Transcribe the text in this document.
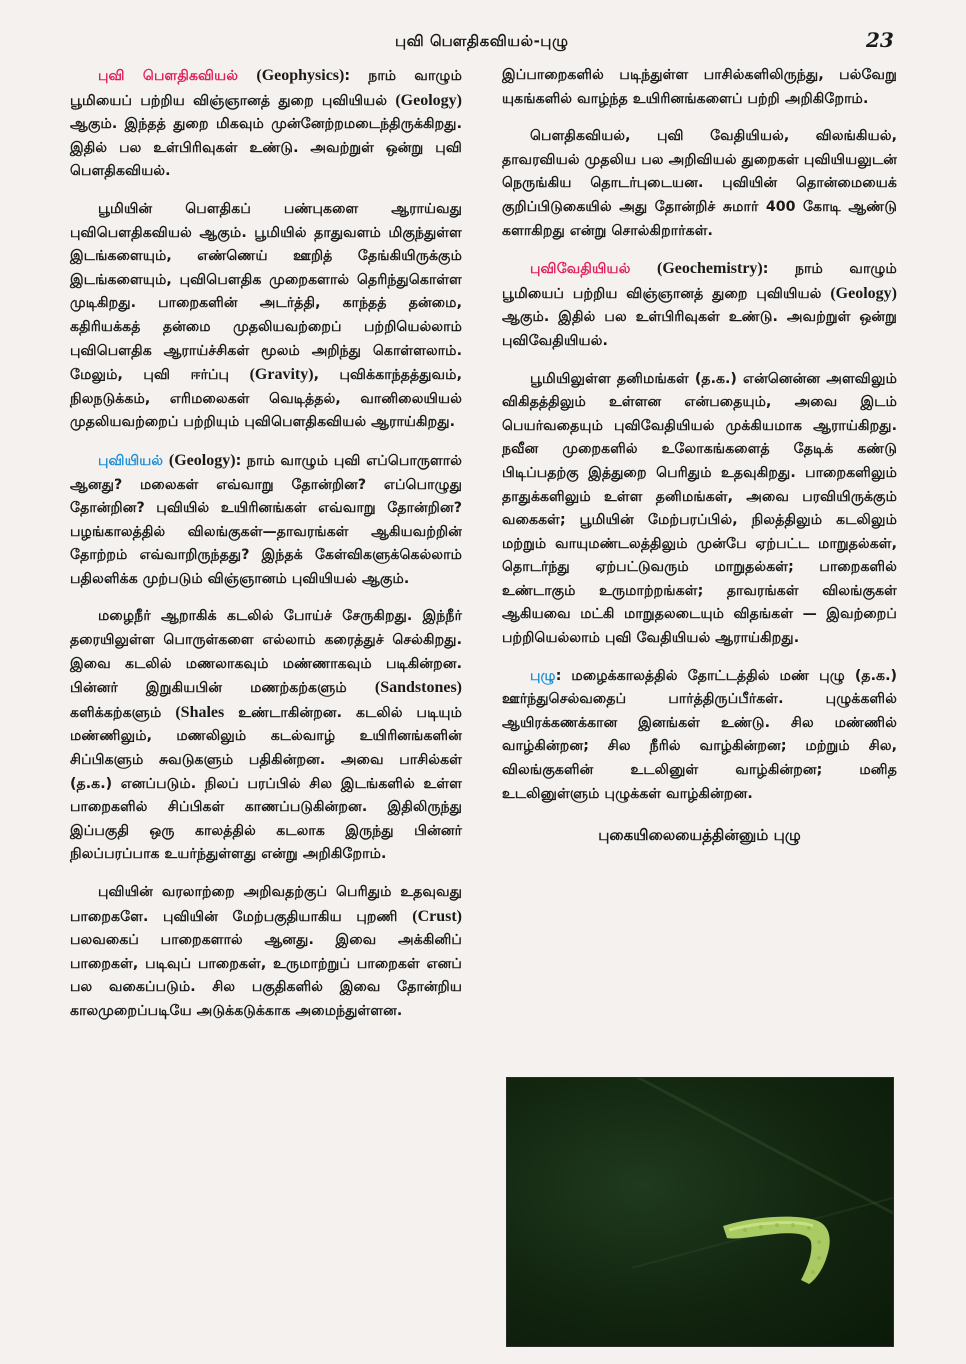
புவி பௌதிகவியல்-புழு	23

புவி பௌதிகவியல் (Geophysics): நாம் வாழும் பூமியைப் பற்றிய விஞ்ஞானத் துறை புவியியல் (Geology) ஆகும். இந்தத் துறை மிகவும் முன்னேற்றமடைந்திருக்கிறது. இதில் பல உள்பிரிவுகள் உண்டு. அவற்றுள் ஒன்று புவி பௌதிகவியல்.

பூமியின் பௌதிகப் பண்புகளை ஆராய்வது புவிபௌதிகவியல் ஆகும். பூமியில் தாதுவளம் மிகுந்துள்ள இடங்களையும், எண்ணெய் ஊறித் தேங்கியிருக்கும் இடங்களையும், புவிபௌதிக முறைகளால் தெரிந்துகொள்ள முடிகிறது. பாறைகளின் அடர்த்தி, காந்தத் தன்மை, கதிரியக்கத் தன்மை முதலியவற்றைப் பற்றியெல்லாம் புவிபௌதிக ஆராய்ச்சிகள் மூலம் அறிந்து கொள்ளலாம். மேலும், புவி ஈர்ப்பு (Gravity), புவிக்காந்தத்துவம், நிலநடுக்கம், எரிமலைகள் வெடித்தல், வானிலையியல் முதலியவற்றைப் பற்றியும் புவிபௌதிகவியல் ஆராய்கிறது.

புவியியல் (Geology): நாம் வாழும் புவி எப்பொருளால் ஆனது? மலைகள் எவ்வாறு தோன்றின? எப்பொழுது தோன்றின? புவியில் உயிரினங்கள் எவ்வாறு தோன்றின? பழங்காலத்தில் விலங்குகள்—தாவரங்கள் ஆகியவற்றின் தோற்றம் எவ்வாறிருந்தது? இந்தக் கேள்விகளுக்கெல்லாம் பதிலளிக்க முற்படும் விஞ்ஞானம் புவியியல் ஆகும்.

மழைநீர் ஆறாகிக் கடலில் போய்ச் சேருகிறது. இந்நீர் தரையிலுள்ள பொருள்களை எல்லாம் கரைத்துச் செல்கிறது. இவை கடலில் மணலாகவும் மண்ணாகவும் படிகின்றன. பின்னர் இறுகியபின் மணற்கற்களும் (Sandstones) களிக்கற்களும் (Shales உண்டாகின்றன. கடலில் படியும் மண்ணிலும், மணலிலும் கடல்வாழ் உயிரினங்களின் சிப்பிகளும் சுவடுகளும் பதிகின்றன. அவை பாசில்கள் (த.க.) எனப்படும். நிலப் பரப்பில் சில இடங்களில் உள்ள பாறைகளில் சிப்பிகள் காணப்படுகின்றன. இதிலிருந்து இப்பகுதி ஒரு காலத்தில் கடலாக இருந்து பின்னர் நிலப்பரப்பாக உயர்ந்துள்ளது என்று அறிகிறோம்.

புவியின் வரலாற்றை அறிவதற்குப் பெரிதும் உதவுவது பாறைகளே. புவியின் மேற்பகுதியாகிய புறணி (Crust) பலவகைப் பாறைகளால் ஆனது. இவை அக்கினிப் பாறைகள், படிவுப் பாறைகள், உருமாற்றுப் பாறைகள் எனப் பல வகைப்படும். சில பகுதிகளில் இவை தோன்றிய காலமுறைப்படியே அடுக்கடுக்காக அமைந்துள்ளன.

இப்பாறைகளில் படிந்துள்ள பாசில்களிலிருந்து, பல்வேறு யுகங்களில் வாழ்ந்த உயிரினங்களைப் பற்றி அறிகிறோம்.

பௌதிகவியல், புவி வேதியியல், விலங்கியல், தாவரவியல் முதலிய பல அறிவியல் துறைகள் புவியியலுடன் நெருங்கிய தொடர்புடையன. புவியின் தொன்மையைக் குறிப்பிடுகையில் அது தோன்றிச் சுமார் 400 கோடி ஆண்டு களாகிறது என்று சொல்கிறார்கள்.

புவிவேதியியல் (Geochemistry): நாம் வாழும் பூமியைப் பற்றிய விஞ்ஞானத் துறை புவியியல் (Geology) ஆகும். இதில் பல உள்பிரிவுகள் உண்டு. அவற்றுள் ஒன்று புவிவேதியியல்.

பூமியிலுள்ள தனிமங்கள் (த.க.) என்னென்ன அளவிலும் விகிதத்திலும் உள்ளன என்பதையும், அவை இடம் பெயர்வதையும் புவிவேதியியல் முக்கியமாக ஆராய்கிறது. நவீன முறைகளில் உலோகங்களைத் தேடிக் கண்டு பிடிப்பதற்கு இத்துறை பெரிதும் உதவுகிறது. பாறைகளிலும் தாதுக்களிலும் உள்ள தனிமங்கள், அவை பரவியிருக்கும் வகைகள்; பூமியின் மேற்பரப்பில், நிலத்திலும் கடலிலும் மற்றும் வாயுமண்டலத்திலும் முன்பே ஏற்பட்ட மாறுதல்கள், தொடர்ந்து ஏற்பட்டுவரும் மாறுதல்கள்; பாறைகளில் உண்டாகும் உருமாற்றங்கள்; தாவரங்கள் விலங்குகள் ஆகியவை மட்கி மாறுதலடையும் விதங்கள் — இவற்றைப் பற்றியெல்லாம் புவி வேதியியல் ஆராய்கிறது.

புழு: மழைக்காலத்தில் தோட்டத்தில் மண் புழு (த.க.) ஊர்ந்துசெல்வதைப் பார்த்திருப்பீர்கள். புழுக்களில் ஆயிரக்கணக்கான இனங்கள் உண்டு. சில மண்ணில் வாழ்கின்றன; சில நீரில் வாழ்கின்றன; மற்றும் சில, விலங்குகளின் உடலினுள் வாழ்கின்றன; மனித உடலினுள்ளும் புழுக்கள் வாழ்கின்றன.

புகையிலையைத்தின்னும் புழு
